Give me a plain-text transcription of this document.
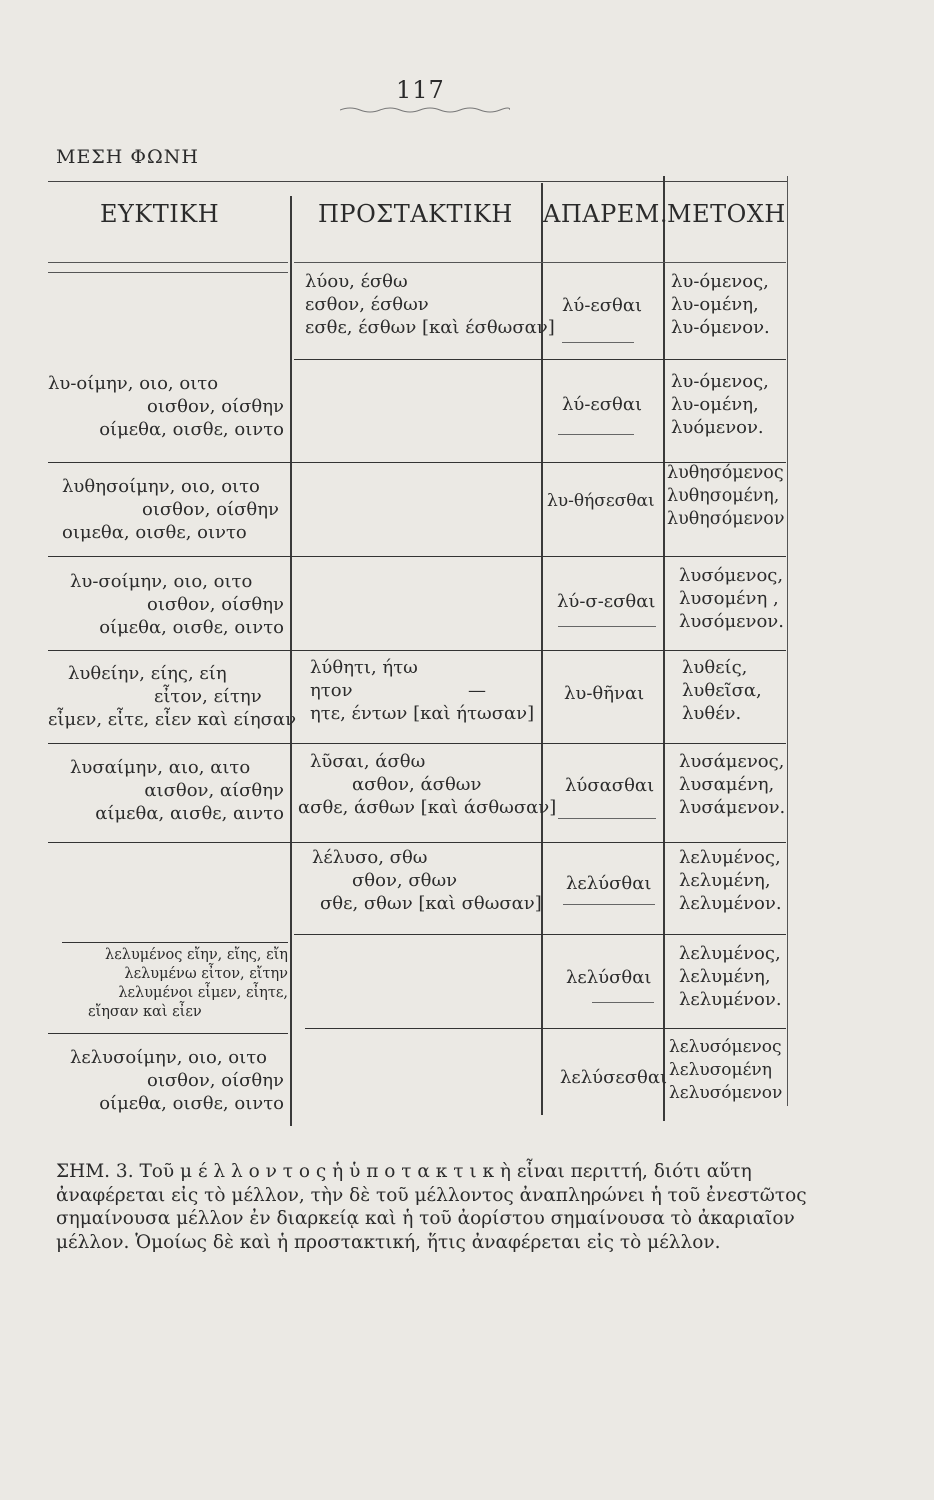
117
ΜΕΣΗ ΦΩΝΗ
ΕΥΚΤΙΚΗ	ΠΡΟΣΤΑΚΤΙΚΗ ΑΠΑΡΕΜ. ΜΕΤΟΧΗ
λύου, έσθω
εσθον, έσθων
εσθε, έσθων [καὶ έσθωσαν]
λύ-εσθαι
λυ-όμενος,
λυ-ομένη,
λυ-όμενον.
λυ-οίμην, οιο, οιτο
οισθον, οίσθην
οίμεθα, οισθε, οιντο
λύ-εσθαι
λυ-όμενος,
λυ-ομένη,
λυόμενον.
λυθησοίμην, οιο, οιτο
οισθον, οίσθην
οιμεθα, οισθε, οιντο
λυ-θήσεσθαι
λυθησόμενος
λυθησομένη,
λυθησόμενον
λυ-σοίμην, οιο, οιτο
οισθον, οίσθην
οίμεθα, οισθε, οιντο
λύ-σ-εσθαι
λυσόμενος,
λυσομένη ,
λυσόμενον.
λυθείην, είης, είη
εἶτον, είτην
εἶμεν, εἶτε, εἶεν καὶ είησαν
λύθητι, ήτω
ητον
ητε, έντων [καὶ ήτωσαν]
—	λυ-θῆναι
λυθείς,
λυθεῖσα,
λυθέν.
λυσαίμην, αιο, αιτο
αισθον, αίσθην
αίμεθα, αισθε, αιντο
λῦσαι, άσθω
ασθον, άσθων
ασθε, άσθων [καὶ άσθωσαν]
λύσασθαι
λυσάμενος,
λυσαμένη,
λυσάμενον.
λέλυσο, σθω
σθον, σθων
σθε, σθων [καὶ σθωσαν]
λελύσθαι
λελυμένος,
λελυμένη,
λελυμένον.
λελυμένος εἴην, εἴης, εἴη
λελυμένω εἶτον, εἴτην
λελυμένοι εἶμεν, εἶητε,
εἴησαν καὶ εἶεν
λελύσθαι
λελυμένος,
λελυμένη,
λελυμένον.
λελυσοίμην, οιο, οιτο
οισθον, οίσθην
οίμεθα, οισθε, οιντο
λελύσεσθαι
λελυσόμενος
λελυσομένη
λελυσόμενον
ΣΗΜ. 3. Τοῦ μ έ λ λ ο ν τ ο ς ἡ ὑ π ο τ α κ τ ι κ ὴ εἶναι περιττή, διότι αὕτη
ἀναφέρεται εἰς τὸ μέλλον, τὴν δὲ τοῦ μέλλοντος ἀναπληρώνει ἡ τοῦ ἐνεστῶτος
σημαίνουσα μέλλον ἐν διαρκείᾳ καὶ ἡ τοῦ ἀορίστου σημαίνουσα τὸ ἀκαριαῖον
μέλλον. Ὁμοίως δὲ καὶ ἡ προστακτική, ἥτις ἀναφέρεται εἰς τὸ μέλλον.
